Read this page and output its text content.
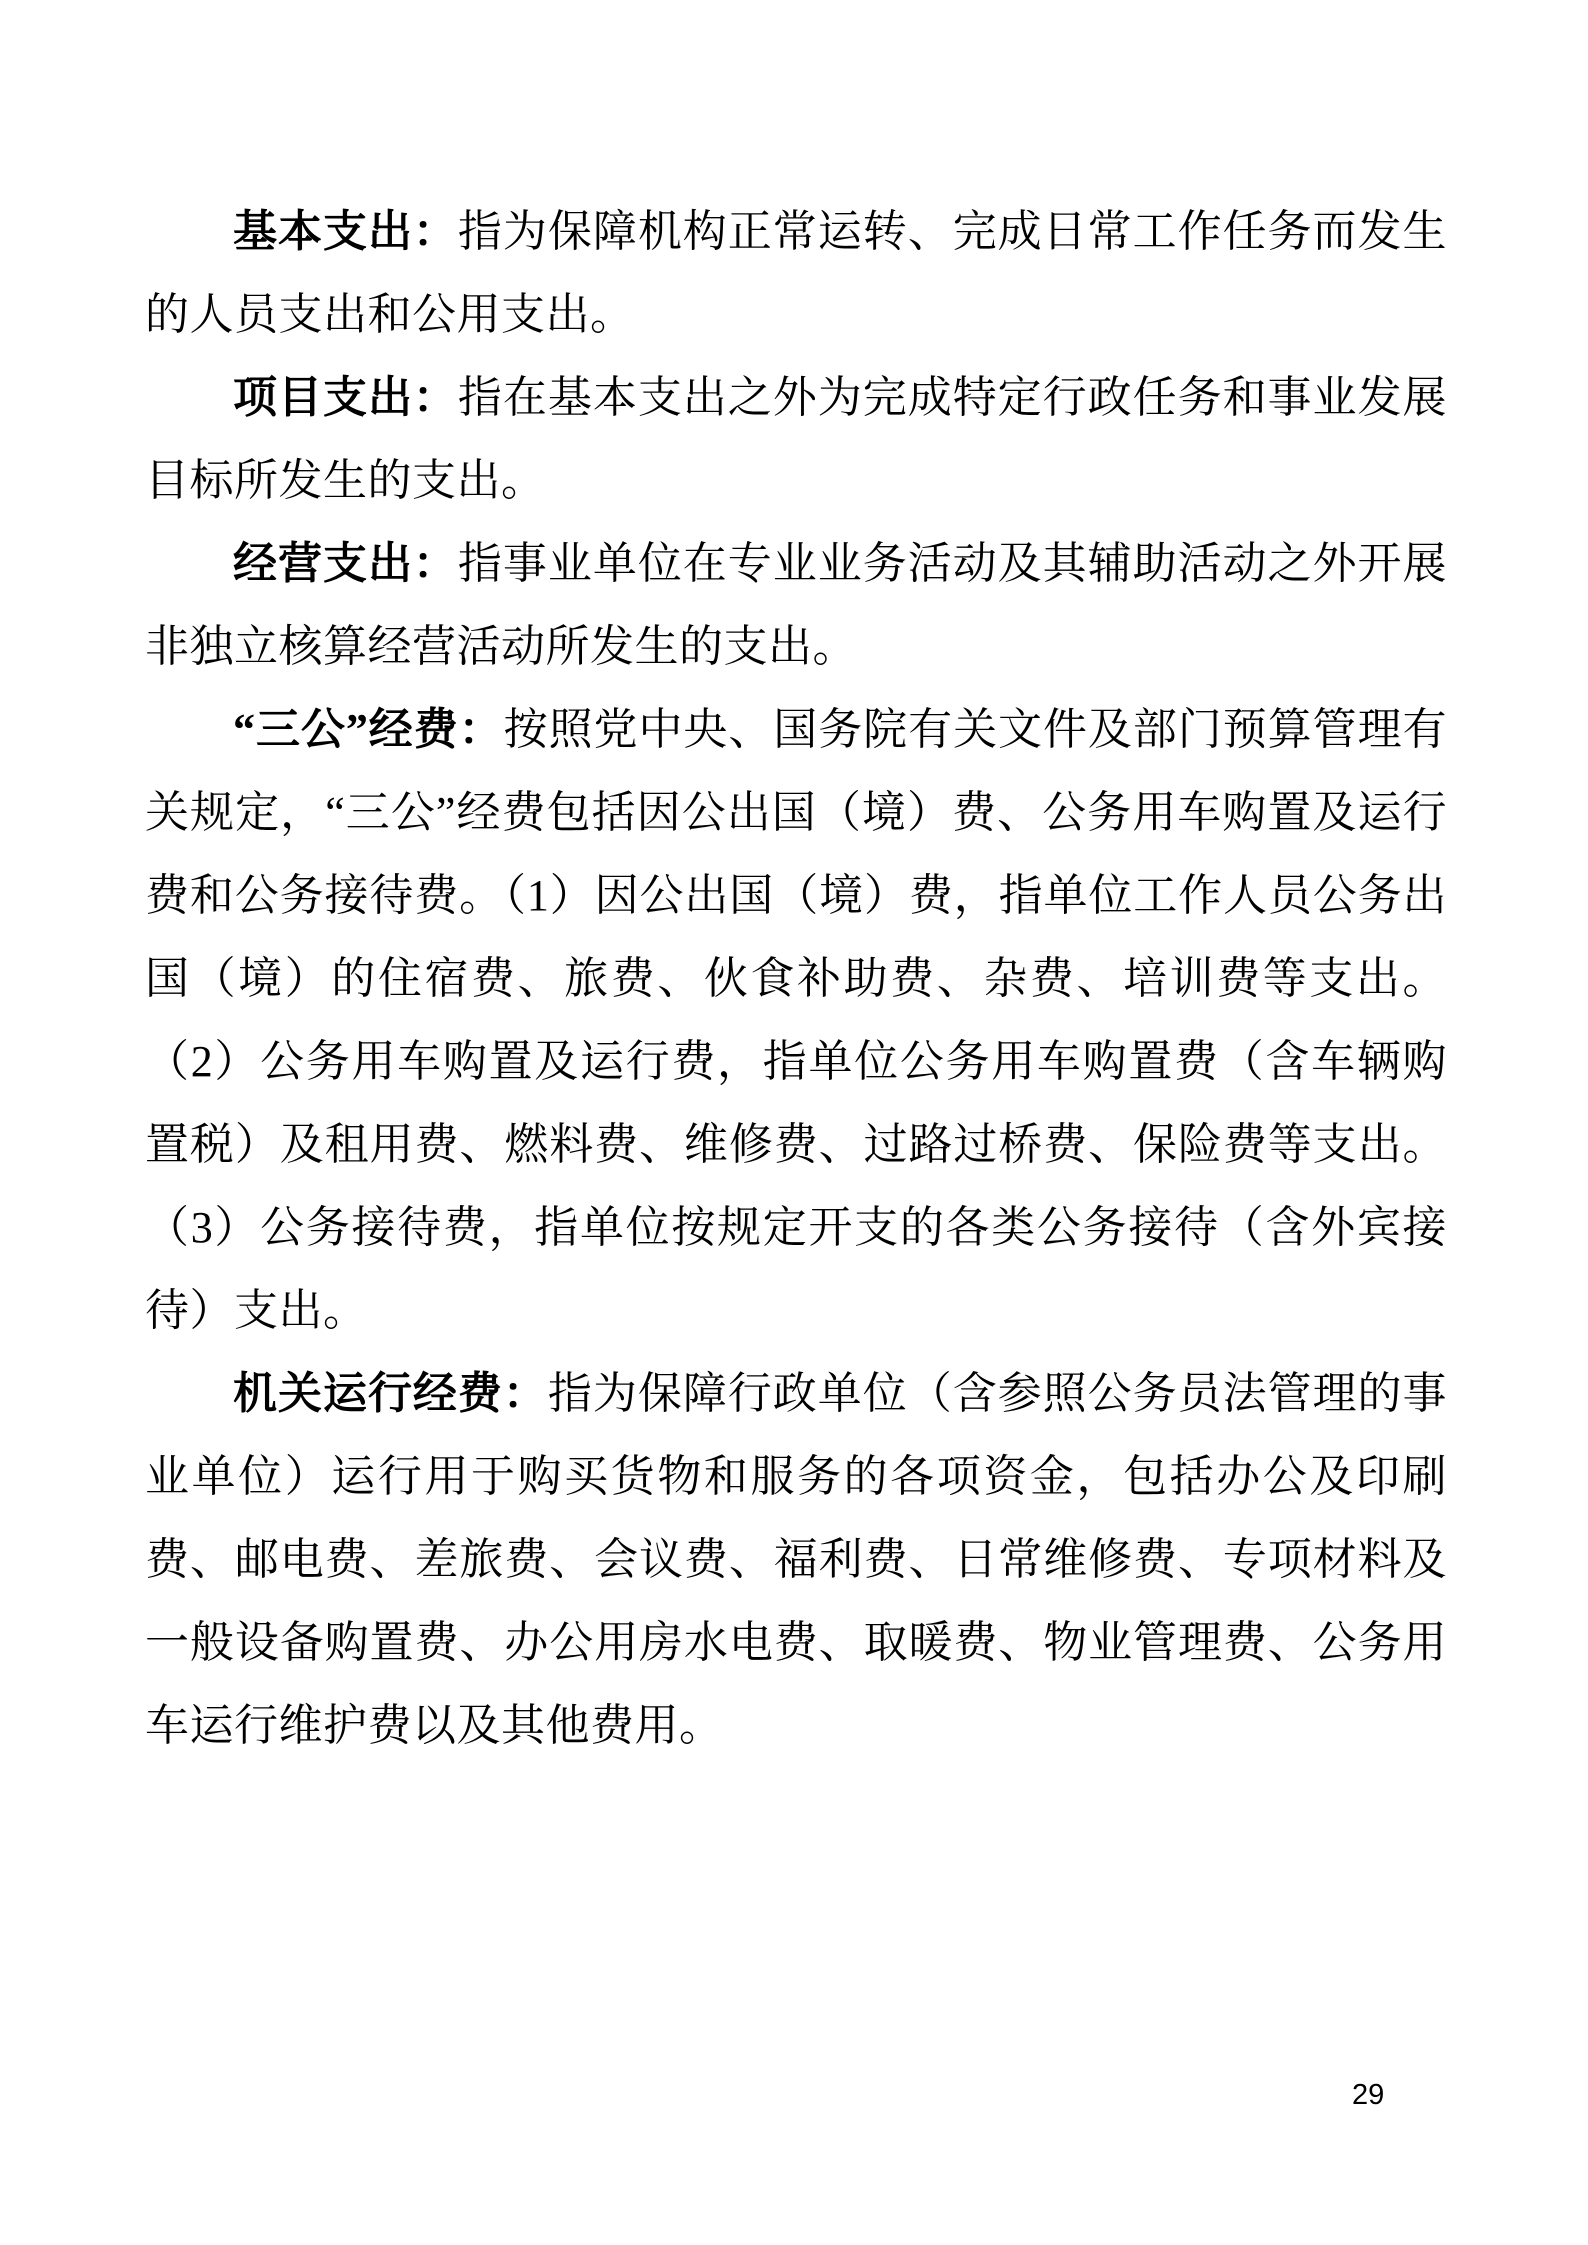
基本支出：指为保障机构正常运转、完成日常工作任务而发生的人员支出和公用支出。

项目支出：指在基本支出之外为完成特定行政任务和事业发展目标所发生的支出。

经营支出：指事业单位在专业业务活动及其辅助活动之外开展非独立核算经营活动所发生的支出。

“三公”经费：按照党中央、国务院有关文件及部门预算管理有关规定，“三公”经费包括因公出国（境）费、公务用车购置及运行费和公务接待费。（1）因公出国（境）费，指单位工作人员公务出国（境）的住宿费、旅费、伙食补助费、杂费、培训费等支出。（2）公务用车购置及运行费，指单位公务用车购置费（含车辆购置税）及租用费、燃料费、维修费、过路过桥费、保险费等支出。（3）公务接待费，指单位按规定开支的各类公务接待（含外宾接待）支出。

机关运行经费：指为保障行政单位（含参照公务员法管理的事业单位）运行用于购买货物和服务的各项资金，包括办公及印刷费、邮电费、差旅费、会议费、福利费、日常维修费、专项材料及一般设备购置费、办公用房水电费、取暖费、物业管理费、公务用车运行维护费以及其他费用。

29
